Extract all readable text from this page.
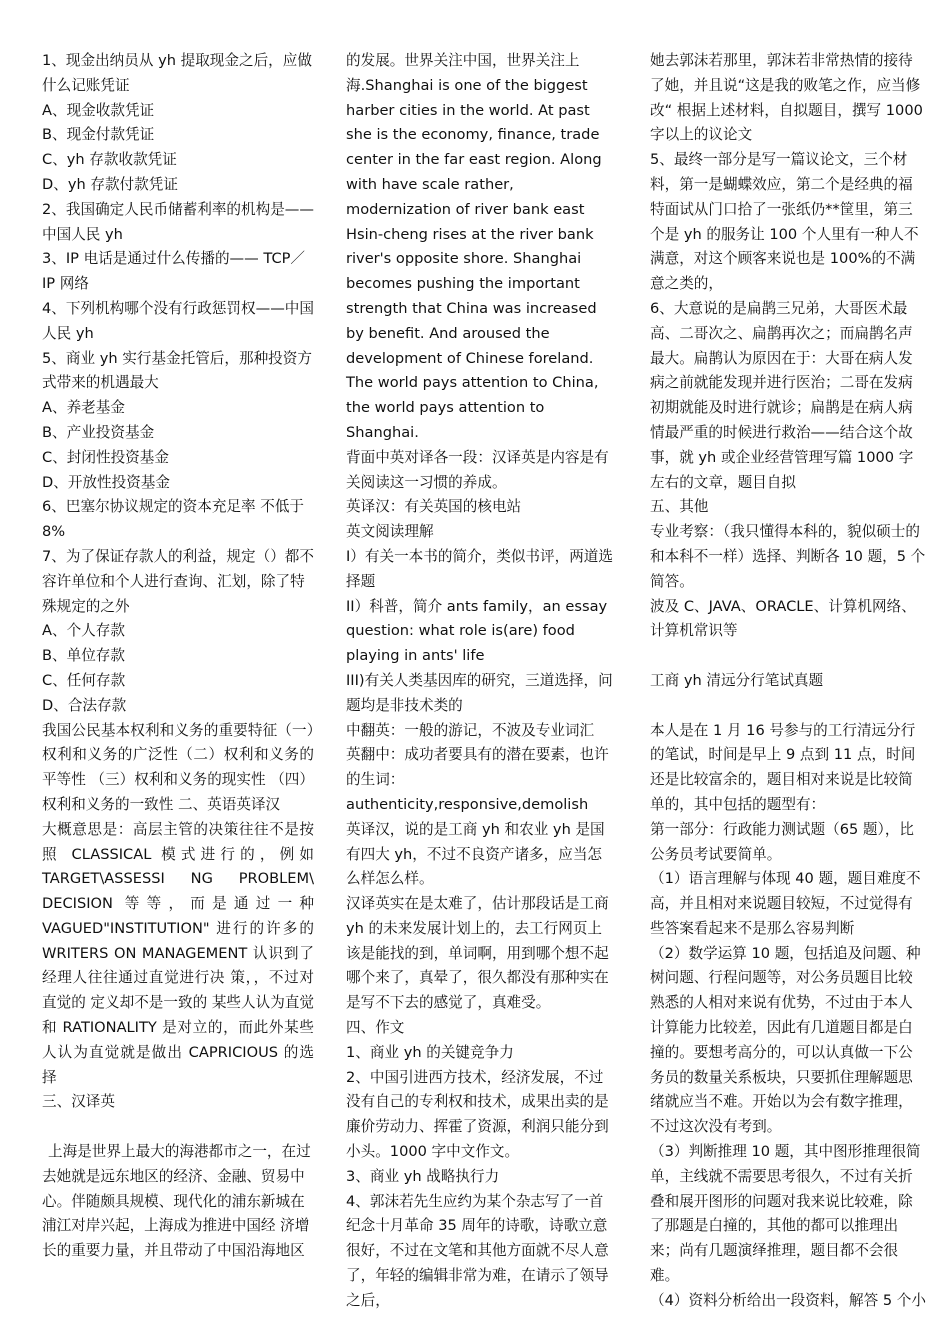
1、现金出纳员从 yh 提取现金之后，应做什么记账凭证

A、现金收款凭证

B、现金付款凭证

C、yh 存款收款凭证

D、yh 存款付款凭证

2、我国确定人民币储蓄利率的机构是——中国人民 yh

3、IP 电话是通过什么传播的—— TCP／IP 网络

4、下列机构哪个没有行政惩罚权——中国人民 yh

5、商业 yh 实行基金托管后，那种投资方式带来的机遇最大

A、养老基金

B、产业投资基金

C、封闭性投资基金

D、开放性投资基金

6、巴塞尔协议规定的资本充足率 不低于 8%

7、为了保证存款人的利益，规定（）都不容许单位和个人进行查询、汇划，除了特殊规定的之外

A、个人存款

B、单位存款

C、任何存款

D、合法存款

我国公民基本权利和义务的重要特征（一）权利和义务的广泛性（二）权利和义务的平等性 （三）权利和义务的现实性 （四）权利和义务的一致性 二、英语英译汉

大概意思是：高层主管的决策往往不是按照 CLASSICAL 模式进行的，例如 TARGET\ASSESSI NG PROBLEM\ DECISION 等等，而是通过一种 VAGUED"INSTITUTION" 进行的许多的 WRITERS ON MANAGEMENT 认识到了经理人往往通过直觉进行决 策，，不过对直觉的 定义却不是一致的 某些人认为直觉和 RATIONALITY 是对立的，而此外某些人认为直觉就是做出 CAPRICIOUS 的选择

三、汉译英

上海是世界上最大的海港都市之一，在过去她就是远东地区的经济、金融、贸易中心。伴随颇具规模、现代化的浦东新城在浦江对岸兴起，上海成为推进中国经 济增长的重要力量，并且带动了中国沿海地区

的发展。世界关注中国，世界关注上海.Shanghai is one of the biggest harber cities in the world. At past she is the economy, finance, trade center in the far east region. Along with have scale rather, modernization of river bank east Hsin-cheng rises at the river bank river's opposite shore. Shanghai becomes pushing the important strength that China was increased by benefit. And aroused the development of Chinese foreland. The world pays attention to China, the world pays attention to Shanghai.

背面中英对译各一段：汉译英是内容是有关阅读这一习惯的养成。

英译汉：有关英国的核电站

英文阅读理解

I）有关一本书的简介，类似书评，两道选择题

II）科普，简介 ants family，an essay question: what role is(are) food playing in ants' life

III)有关人类基因库的研究，三道选择，问题均是非技术类的

中翻英：一般的游记，不波及专业词汇

英翻中：成功者要具有的潜在要素，也许的生词：

authenticity,responsive,demolish

英译汉，说的是工商 yh 和农业 yh 是国有四大 yh，不过不良资产诸多，应当怎么样怎么样。

汉译英实在是太难了，估计那段话是工商 yh 的未来发展计划上的，去工行网页上该是能找的到，单词啊，用到哪个想不起哪个来了，真晕了，很久都没有那种实在是写不下去的感觉了，真难受。

四、作文

1、商业 yh 的关键竞争力

2、中国引进西方技术，经济发展，不过没有自己的专利权和技术，成果出卖的是廉价劳动力、挥霍了资源，利润只能分到小头。1000 字中文作文。

3、商业 yh 战略执行力

4、郭沫若先生应约为某个杂志写了一首纪念十月革命 35 周年的诗歌，诗歌立意很好，不过在文笔和其他方面就不尽人意了，年轻的编辑非常为难，在请示了领导之后，

她去郭沫若那里，郭沫若非常热情的接待了她，并且说“这是我的败笔之作，应当修改“ 根据上述材料，自拟题目，撰写 1000 字以上的议论文

5、最终一部分是写一篇议论文，三个材料，第一是蝴蝶效应，第二个是经典的福特面试从门口拾了一张纸仍**筐里，第三个是 yh 的服务让 100 个人里有一种人不满意，对这个顾客来说也是 100%的不满意之类的，

6、大意说的是扁鹊三兄弟，大哥医术最高、二哥次之、扁鹊再次之；而扁鹊名声最大。扁鹊认为原因在于：大哥在病人发病之前就能发现并进行医治；二哥在发病初期就能及时进行就诊；扁鹊是在病人病情最严重的时候进行救治——结合这个故事，就 yh 或企业经营管理写篇 1000 字左右的文章，题目自拟

五、其他

专业考察：（我只懂得本科的，貌似硕士的和本科不一样）选择、判断各 10 题，5 个简答。

波及 C、JAVA、ORACLE、计算机网络、计算机常识等

工商 yh 清远分行笔试真题

本人是在 1 月 16 号参与的工行清远分行的笔试，时间是早上 9 点到 11 点，时间还是比较富余的，题目相对来说是比较简单的，其中包括的题型有：

第一部分：行政能力测试题（65 题），比公务员考试要简单。

（1）语言理解与体现 40 题，题目难度不高，并且相对来说题目较短，不过觉得有些答案看起来不是那么容易判断

（2）数学运算 10 题，包括追及问题、种树问题、行程问题等，对公务员题目比较熟悉的人相对来说有优势，不过由于本人计算能力比较差，因此有几道题目都是白撞的。要想考高分的，可以认真做一下公务员的数量关系板块，只要抓住理解题思绪就应当不难。开始以为会有数字推理，不过这次没有考到。

（3）判断推理 10 题，其中图形推理很简单，主线就不需要思考很久，不过有关折叠和展开图形的问题对我来说比较难，除了那题是白撞的，其他的都可以推理出来；尚有几题演绎推理，题目都不会很难。

（4）资料分析给出一段资料，解答 5 个小
